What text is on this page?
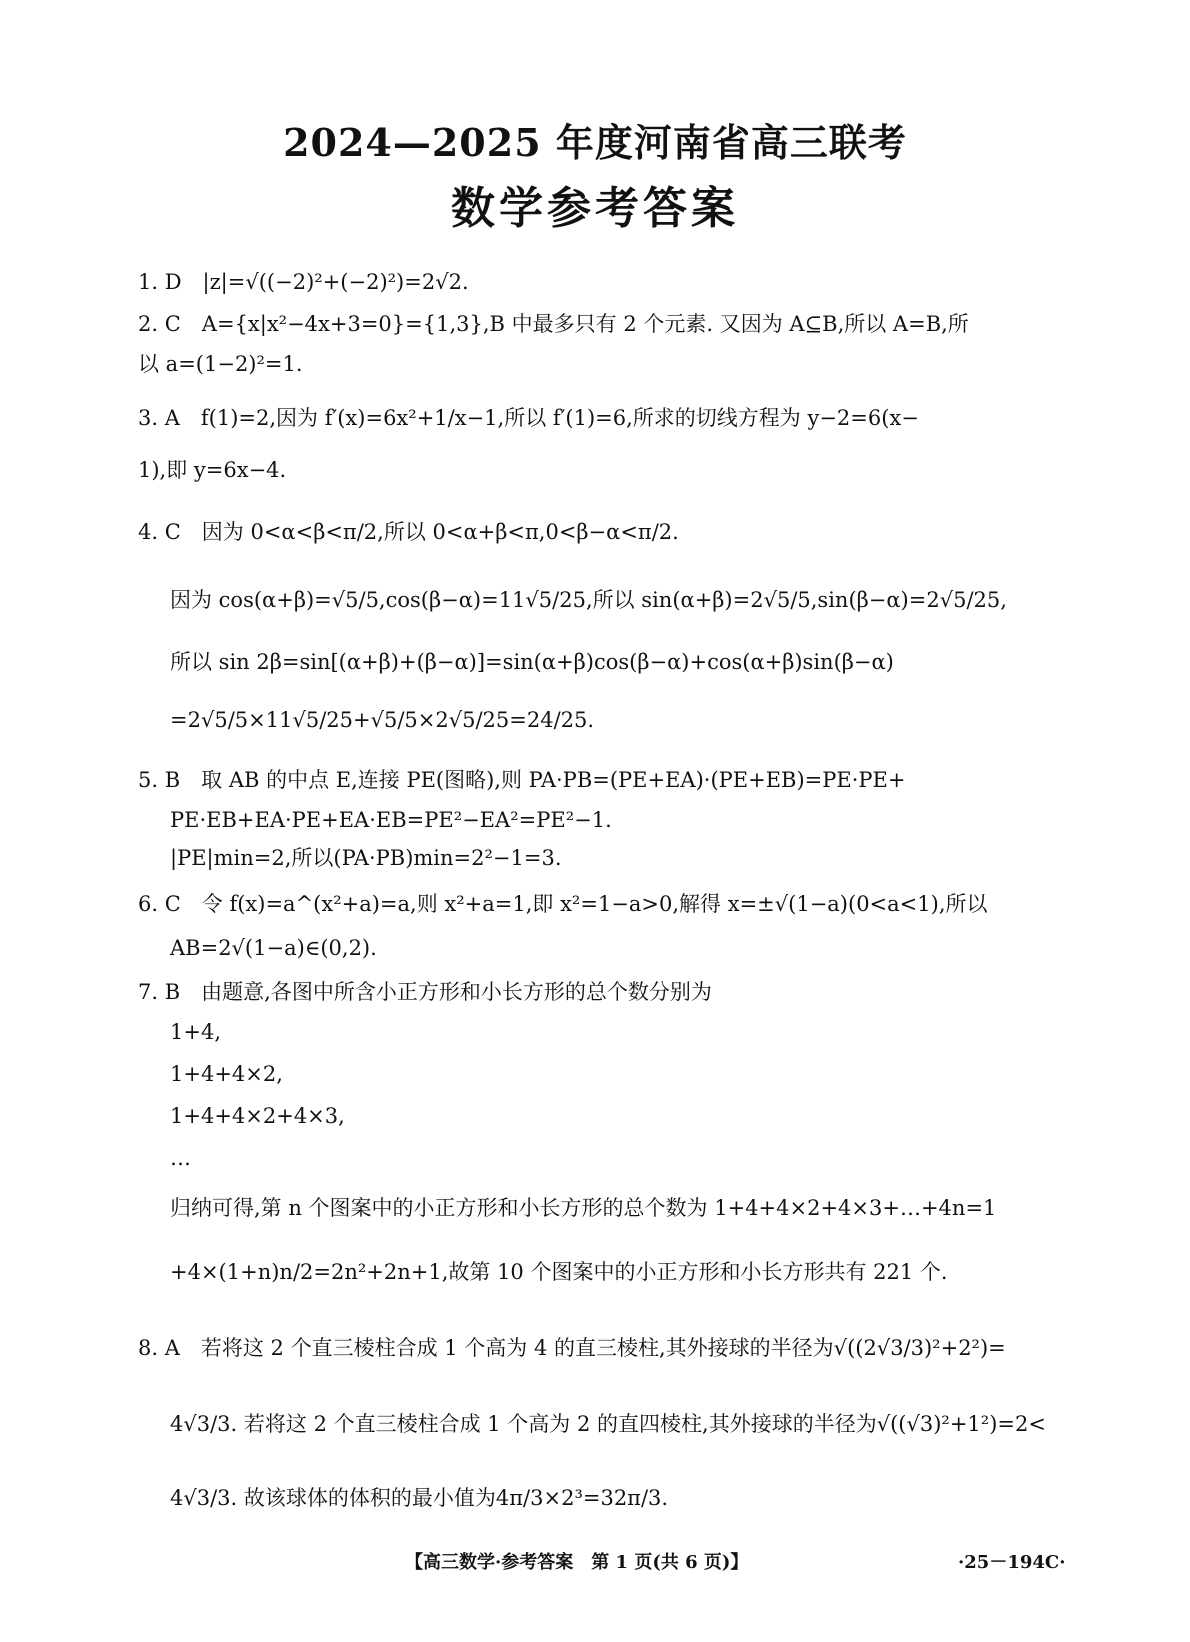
2024—2025 年度河南省高三联考
数学参考答案
1. D　|z|=√((−2)²+(−2)²)=2√2.
2. C　A={x|x²−4x+3=0}={1,3},B 中最多只有 2 个元素. 又因为 A⊆B,所以 A=B,所
以 a=(1−2)²=1.
3. A　f(1)=2,因为 f′(x)=6x²+1/x−1,所以 f′(1)=6,所求的切线方程为 y−2=6(x−
1),即 y=6x−4.
4. C　因为 0<α<β<π/2,所以 0<α+β<π,0<β−α<π/2.
因为 cos(α+β)=√5/5,cos(β−α)=11√5/25,所以 sin(α+β)=2√5/5,sin(β−α)=2√5/25,
所以 sin 2β=sin[(α+β)+(β−α)]=sin(α+β)cos(β−α)+cos(α+β)sin(β−α)
=2√5/5×11√5/25+√5/5×2√5/25=24/25.
5. B　取 AB 的中点 E,连接 PE(图略),则 PA·PB=(PE+EA)·(PE+EB)=PE·PE+
PE·EB+EA·PE+EA·EB=PE²−EA²=PE²−1.
|PE|min=2,所以(PA·PB)min=2²−1=3.
6. C　令 f(x)=a^(x²+a)=a,则 x²+a=1,即 x²=1−a>0,解得 x=±√(1−a)(0<a<1),所以
AB=2√(1−a)∈(0,2).
7. B　由题意,各图中所含小正方形和小长方形的总个数分别为
1+4,
1+4+4×2,
1+4+4×2+4×3,
…
归纳可得,第 n 个图案中的小正方形和小长方形的总个数为 1+4+4×2+4×3+…+4n=1
+4×(1+n)n/2=2n²+2n+1,故第 10 个图案中的小正方形和小长方形共有 221 个.
8. A　若将这 2 个直三棱柱合成 1 个高为 4 的直三棱柱,其外接球的半径为√((2√3/3)²+2²)=
4√3/3. 若将这 2 个直三棱柱合成 1 个高为 2 的直四棱柱,其外接球的半径为√((√3)²+1²)=2<
4√3/3. 故该球体的体积的最小值为4π/3×2³=32π/3.
【高三数学·参考答案　第 1 页(共 6 页)】	·25－194C·
